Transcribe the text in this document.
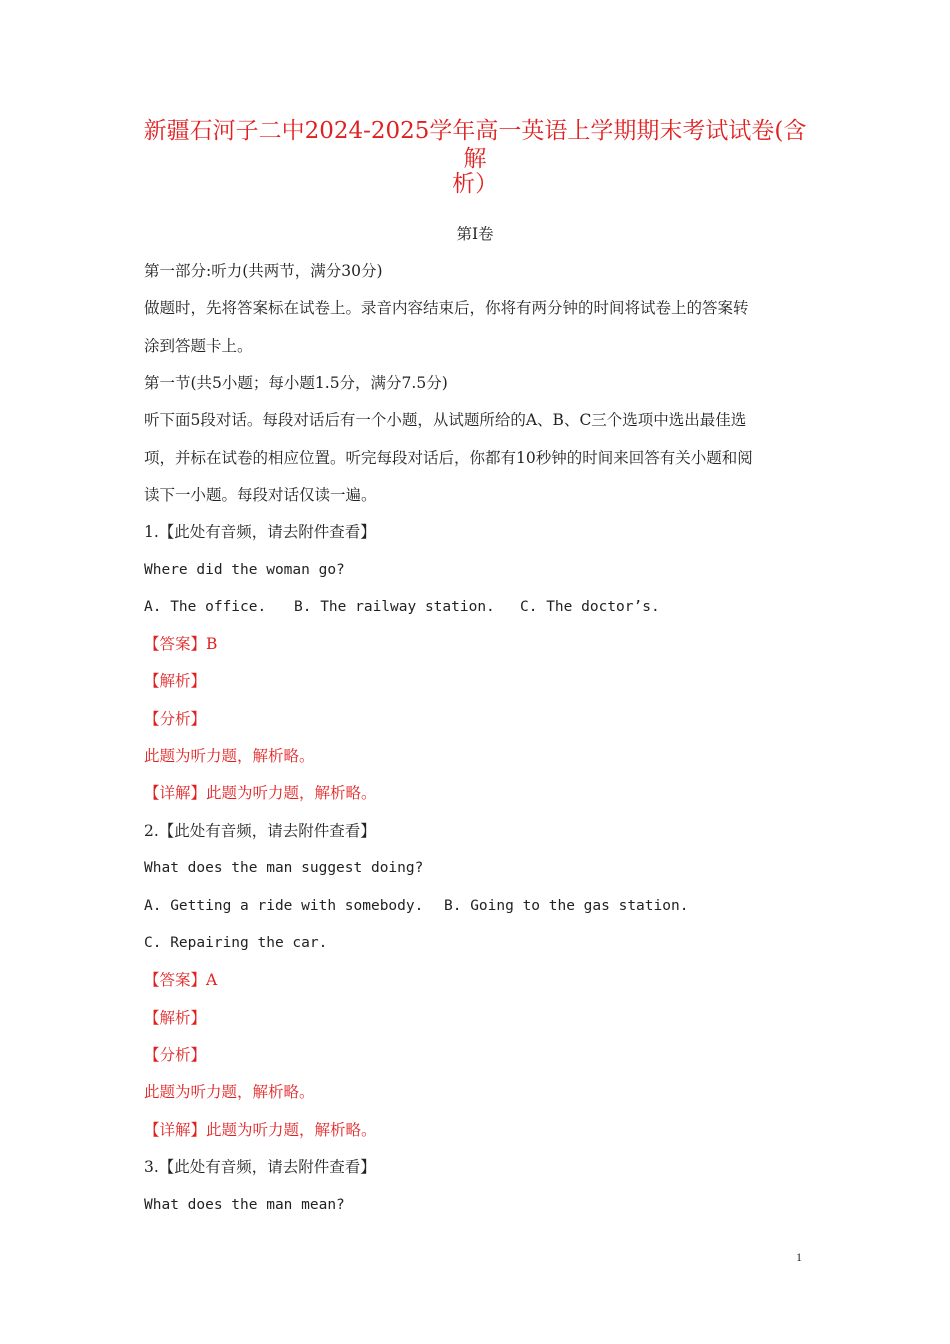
新疆石河子二中2024-2025学年高一英语上学期期末考试试卷(含解
析）
第I卷
第一部分:听力(共两节，满分30分)
做题时，先将答案标在试卷上。录音内容结束后，你将有两分钟的时间将试卷上的答案转
涂到答题卡上。
第一节(共5小题；每小题1.5分，满分7.5分)
听下面5段对话。每段对话后有一个小题，从试题所给的A、B、C三个选项中选出最佳选
项，并标在试卷的相应位置。听完每段对话后，你都有10秒钟的时间来回答有关小题和阅
读下一小题。每段对话仅读一遍。
1.【此处有音频，请去附件查看】
Where did the woman go?
A. The office. B. The railway station. C. The doctor’s.
【答案】B
【解析】
【分析】
此题为听力题，解析略。
【详解】此题为听力题，解析略。
2.【此处有音频，请去附件查看】
What does the man suggest doing?
A. Getting a ride with somebody. B. Going to the gas station.
C. Repairing the car.
【答案】A
【解析】
【分析】
此题为听力题，解析略。
【详解】此题为听力题，解析略。
3.【此处有音频，请去附件查看】
What does the man mean?
1
